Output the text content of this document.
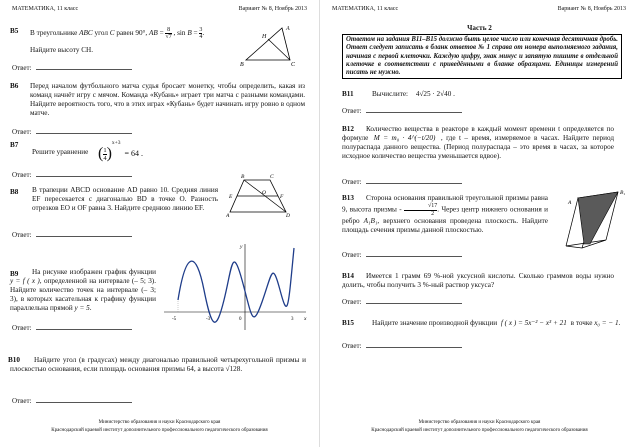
МАТЕМАТИКА, 11 класс	Вариант № 8, Ноябрь 2013
B5 В треугольнике ABC угол C равен 90°, AB = $\frac{8}{√7}$ , $\sin B = \frac{3}{4}$ .
Найдите высоту CH.
A
B	C
H
Ответ:
B6 Перед началом футбольного матча судья бросает монетку, чтобы определить, какая из команд начнёт игру с мячом. Команда «Кубань» играет три матча с разными командами. Найдите вероятность того, что в этих играх «Кубань» будет начинать игру ровно в одном матче.
Ответ:
B7
Решите уравнение ( $\frac{1}{4} )^{x+3} = 64$ .
Ответ:
B8 В трапеции ABCD основание AD равно 10. Средняя линия EF пересекается с диагональю BD в точке O. Разность отрезков EO и OF равна 3. Найдите среднюю линию EF.
B	C
E
O
F
A	D
Ответ:
B9	На рисунке изображен график функции y = f ( x ), определенной на интервале (– 5; 3). Найдите количество точек на интервале (– 3; 3), в которых касательная к графику функции параллельна прямой y = 5.
y
x
-5	-3	0	3
Ответ:
B10	Найдите угол (в градусах) между диагональю правильной четырехугольной призмы и плоскостью основания, если площадь основания призмы 64, а высота √128.
Ответ:
Министерство образования и науки Краснодарского края
Краснодарский краевой институт дополнительного профессионального педагогического образования
МАТЕМАТИКА, 11 класс	Вариант № 8, Ноябрь 2013
Часть 2
Ответом на задания B11–B15 должно быть целое число или конечная десятичная дробь. Ответ следует записать в бланк ответов № 1 справа от номера выполняемого задания, начиная с первой клеточки. Каждую цифру, знак минус и запятую пишите в отдельной клеточке в соответствии с приведёнными в бланке образцами. Единицы измерений писать не нужно.
B11	Вычислите: 4√25 · 2√40 .
Ответ:
B12	Количество вещества в реакторе в каждый момент времени t определяется по формуле M = m₀ · 4^(−t/20) , где t – время, измеряемое в часах. Найдите период полураспада данного вещества. (Период полураспада – это время в часах, за которое исходное количество вещества уменьшается вдвое).
Ответ:
B13	Сторона основания правильной треугольной призмы равна 9, высота призмы - $\frac{√17}{2}$ . Через центр нижнего основания и ребро A₁B₁, верхнего основания проведена плоскость. Найдите площадь сечения призмы данной плоскостью.
B₁
A
Ответ:
B14	Имеется 1 грамм 69 %-ной уксусной кислоты. Сколько граммов воды нужно долить, чтобы получить 3 %-ный раствор уксуса?
Ответ:
B15	Найдите значение производной функции f ( x ) = 5x⁻² − x³ + 21 в точке x₀ = − 1.
Ответ:
Министерство образования и науки Краснодарского края
Краснодарский краевой институт дополнительного профессионального педагогического образования
